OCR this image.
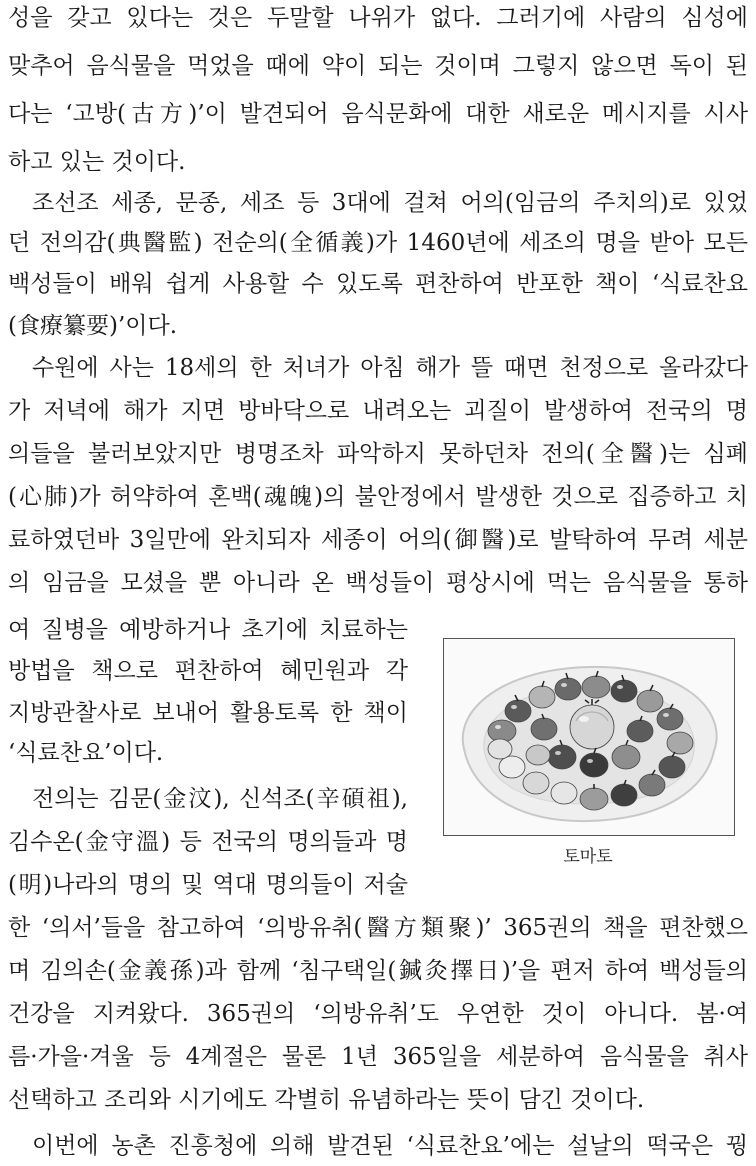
성을 갖고 있다는 것은 두말할 나위가 없다. 그러기에 사람의 심성에
맞추어 음식물을 먹었을 때에 약이 되는 것이며 그렇지 않으면 독이 된
다는 ‘고방(古方)’이 발견되어 음식문화에 대한 새로운 메시지를 시사
하고 있는 것이다.
조선조 세종, 문종, 세조 등 3대에 걸쳐 어의(임금의 주치의)로 있었
던 전의감(典醫監) 전순의(全循義)가 1460년에 세조의 명을 받아 모든
백성들이 배워 쉽게 사용할 수 있도록 편찬하여 반포한 책이 ‘식료찬요
(食療纂要)’이다.
수원에 사는 18세의 한 처녀가 아침 해가 뜰 때면 천정으로 올라갔다
가 저녁에 해가 지면 방바닥으로 내려오는 괴질이 발생하여 전국의 명
의들을 불러보았지만 병명조차 파악하지 못하던차 전의(全醫)는 심폐
(心肺)가 허약하여 혼백(魂魄)의 불안정에서 발생한 것으로 집증하고 치
료하였던바 3일만에 완치되자 세종이 어의(御醫)로 발탁하여 무려 세분
의 임금을 모셨을 뿐 아니라 온 백성들이 평상시에 먹는 음식물을 통하
여 질병을 예방하거나 초기에 치료하는
방법을 책으로 편찬하여 혜민원과 각
지방관찰사로 보내어 활용토록 한 책이
‘식료찬요’이다.
전의는 김문(金汶), 신석조(辛碩祖),
김수온(金守溫) 등 전국의 명의들과 명
(明)나라의 명의 및 역대 명의들이 저술
한 ‘의서’들을 참고하여 ‘의방유취(醫方類聚)’ 365권의 책을 편찬했으
며 김의손(金義孫)과 함께 ‘침구택일(鍼灸擇日)’을 편저 하여 백성들의
건강을 지켜왔다. 365권의 ‘의방유취’도 우연한 것이 아니다. 봄·여
름·가을·겨울 등 4계절은 물론 1년 365일을 세분하여 음식물을 취사
선택하고 조리와 시기에도 각별히 유념하라는 뜻이 담긴 것이다.
이번에 농촌 진흥청에 의해 발견된 ‘식료찬요’에는 설날의 떡국은 꿩
토마토
